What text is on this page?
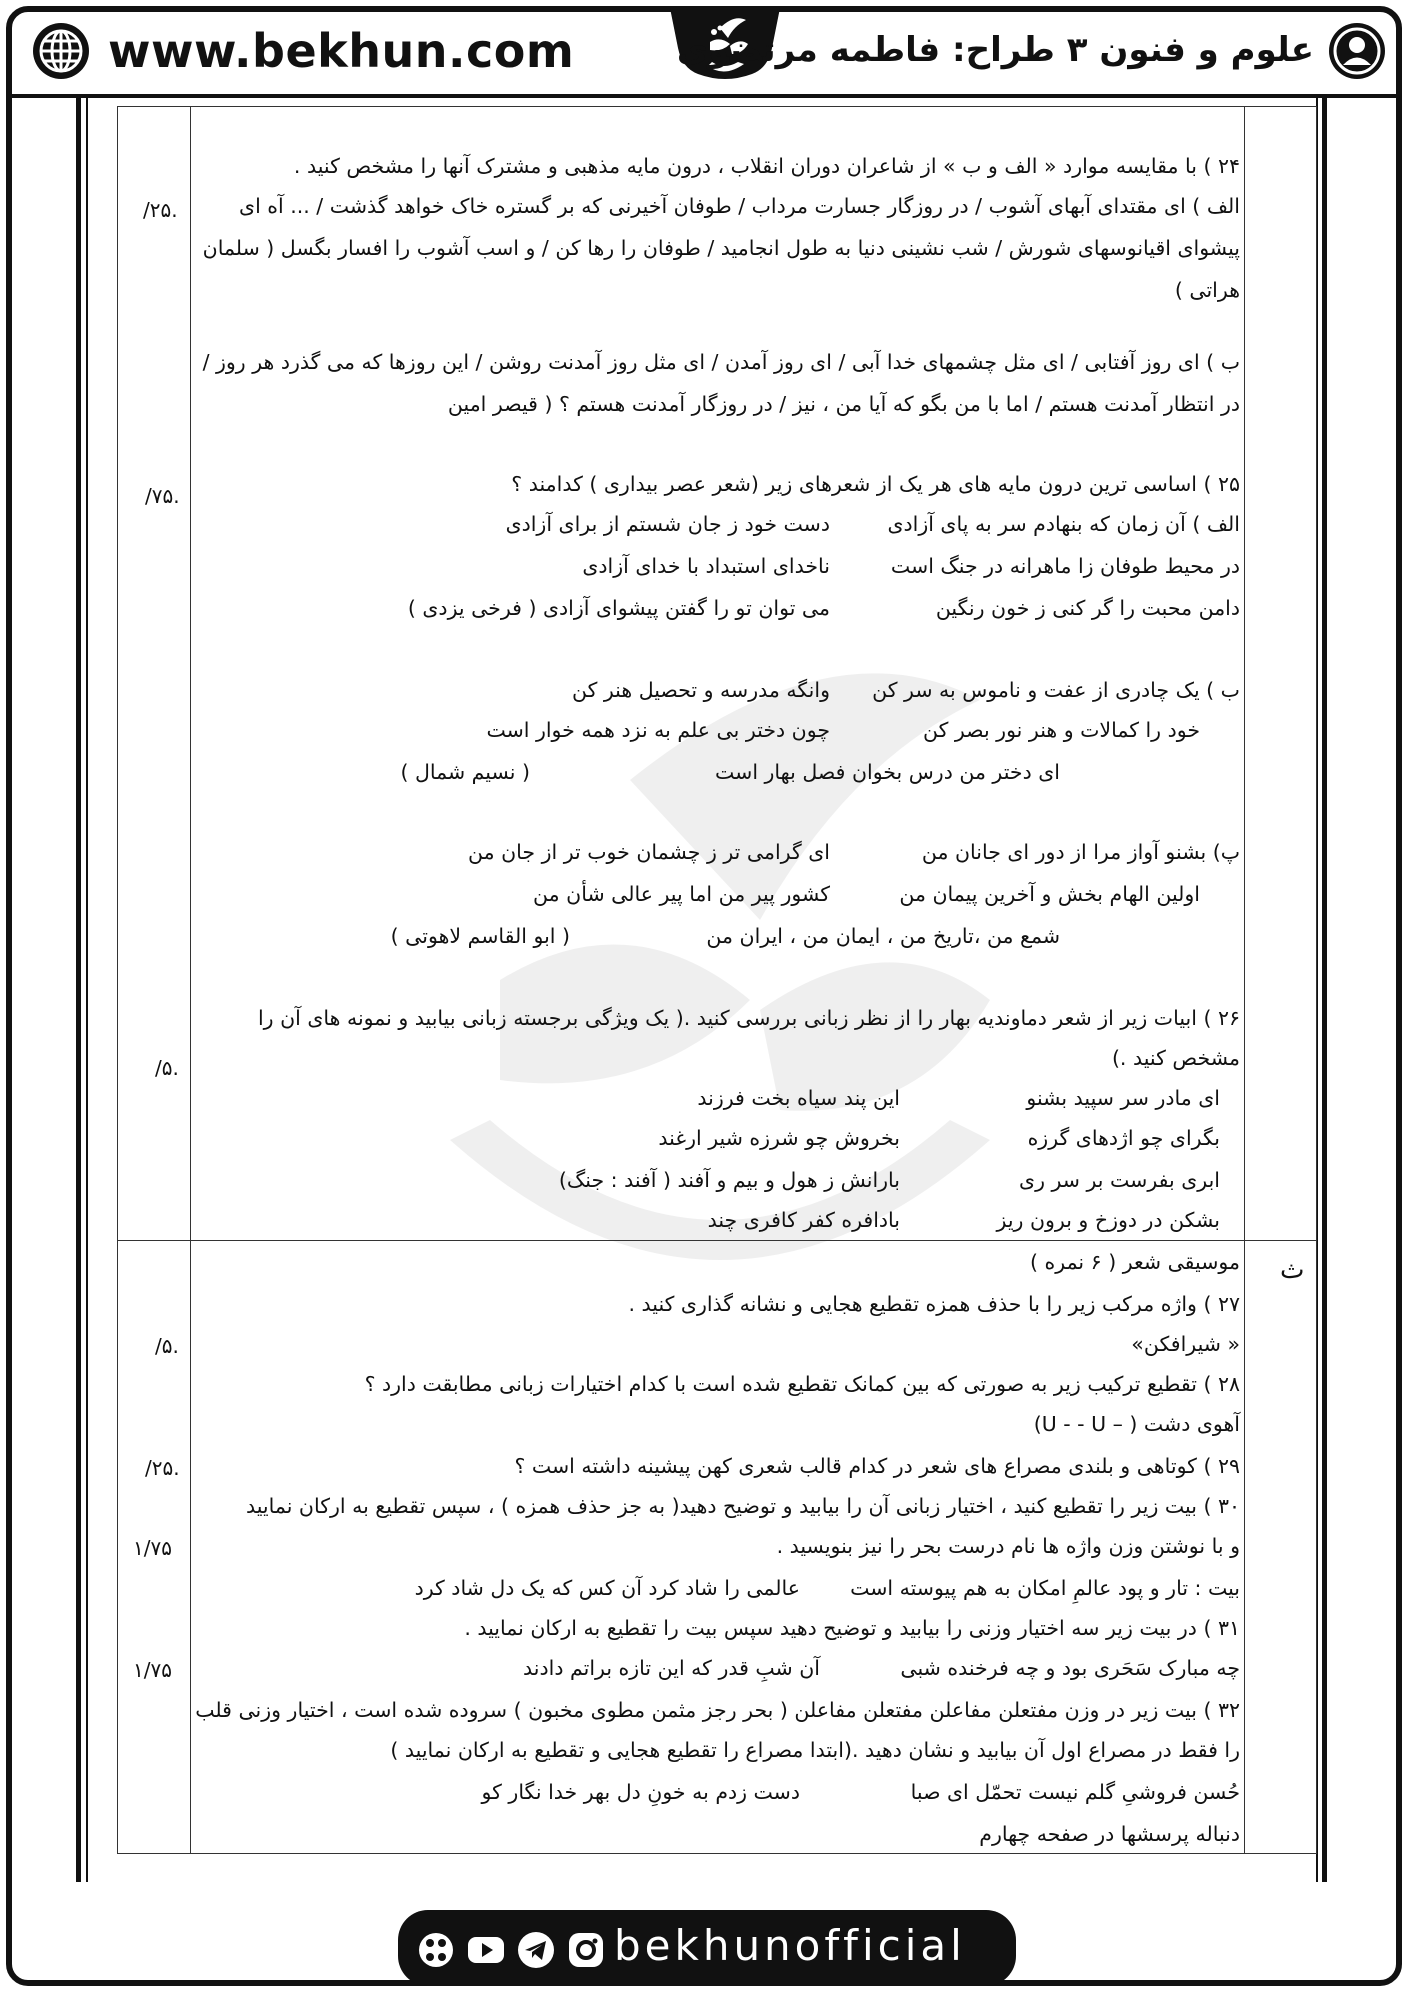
www.bekhun.com	علوم و فنون ۳ طراح: فاطمه مرتضوی
۲۴ ) با مقایسه موارد « الف و ب » از شاعران دوران انقلاب ، درون مایه مذهبی و مشترک آنها را مشخص کنید .
الف ) ای مقتدای آبهای آشوب / در روزگار جسارت مرداب / طوفان آخیرنی که بر گستره خاک خواهد گذشت / ... آه ای
پیشوای اقیانوسهای شورش / شب نشینی دنیا به طول انجامید / طوفان را رها کن / و اسب آشوب را افسار بگسل ( سلمان
هراتی )
ب ) ای روز آفتابی / ای مثل چشمهای خدا آبی / ای روز آمدن / ای مثل روز آمدنت روشن / این روزها که می گذرد هر روز /
در انتظار آمدنت هستم / اما با من بگو که آیا من ، نیز / در روزگار آمدنت هستم ؟ ( قیصر امین
/۲۵.
۲۵ ) اساسی ترین درون مایه های هر یک از شعرهای زیر (شعر عصر بیداری ) کدامند ؟
الف ) آن زمان که بنهادم سر به پای آزادی
دست خود ز جان شستم از برای آزادی
در محیط طوفان زا ماهرانه در جنگ است
ناخدای استبداد با خدای آزادی
دامن محبت را گر کنی ز خون رنگین
می توان تو را گفتن پیشوای آزادی ( فرخی یزدی )
ب ) یک چادری از عفت و ناموس به سر کن
وانگه مدرسه و تحصیل هنر کن
خود را کمالات و هنر نور بصر کن
چون دختر بی علم به نزد همه خوار است
ای دختر من درس بخوان فصل بهار است
( نسیم شمال )
پ) بشنو آواز مرا از دور ای جانان من
ای گرامی تر ز چشمان خوب تر از جان من
اولین الهام بخش و آخرین پیمان من
کشور پیر من اما پیر عالی شأن من
شمع من ،تاریخ من ، ایمان من ، ایران من
( ابو القاسم لاهوتی )
/۷۵.
۲۶ ) ابیات زیر از شعر دماوندیه بهار را از نظر زبانی بررسی کنید .( یک ویژگی برجسته زبانی بیابید و نمونه های آن را
مشخص کنید .)
ای مادر سر سپید بشنو
این پند سیاه بخت فرزند
بگرای چو اژدهای گرزه
بخروش چو شرزه شیر ارغند
ابری بفرست بر سر ری
بارانش ز هول و بیم و آفند ( آفند : جنگ)
بشکن در دوزخ و برون ریز
بادافره کفر کافری چند
/۵.
ث
موسیقی شعر ( ۶ نمره )
۲۷ ) واژه مرکب زیر را با حذف همزه تقطیع هجایی و نشانه گذاری کنید .
« شیرافکن»
/۵.
۲۸ ) تقطیع ترکیب زیر به صورتی که بین کمانک تقطیع شده است با کدام اختیارات زبانی مطابقت دارد ؟
آهوی دشت ( – U - - U)
/۲۵.	۲۹ ) کوتاهی و بلندی مصراع های شعر در کدام قالب شعری کهن پیشینه داشته است ؟
۳۰ ) بیت زیر را تقطیع کنید ، اختیار زبانی آن را بیابید و توضیح دهید( به جز حذف همزه ) ، سپس تقطیع به ارکان نمایید
و با نوشتن وزن واژه ها نام درست بحر را نیز بنویسید .
بیت : تار و پود عالمِ امکان به هم پیوسته است
عالمی را شاد کرد آن کس که یک دل شاد کرد
۱/۷۵
۳۱ ) در بیت زیر سه اختیار وزنی را بیابید و توضیح دهید سپس بیت را تقطیع به ارکان نمایید .
چه مبارک سَحَری بود و چه فرخنده شبی
آن شبِ قدر که این تازه براتم دادند
۱/۷۵
۳۲ ) بیت زیر در وزن مفتعلن مفاعلن مفتعلن مفاعلن ( بحر رجز مثمن مطوی مخبون ) سروده شده است ، اختیار وزنی قلب
را فقط در مصراع اول آن بیابید و نشان دهید .(ابتدا مصراع را تقطیع هجایی و تقطیع به ارکان نمایید )
حُسن فروشیِ گلم نیست تحمّل ای صبا
دست زدم به خونِ دل بهر خدا نگار کو
دنباله پرسشها در صفحه چهارم
bekhunofficial
